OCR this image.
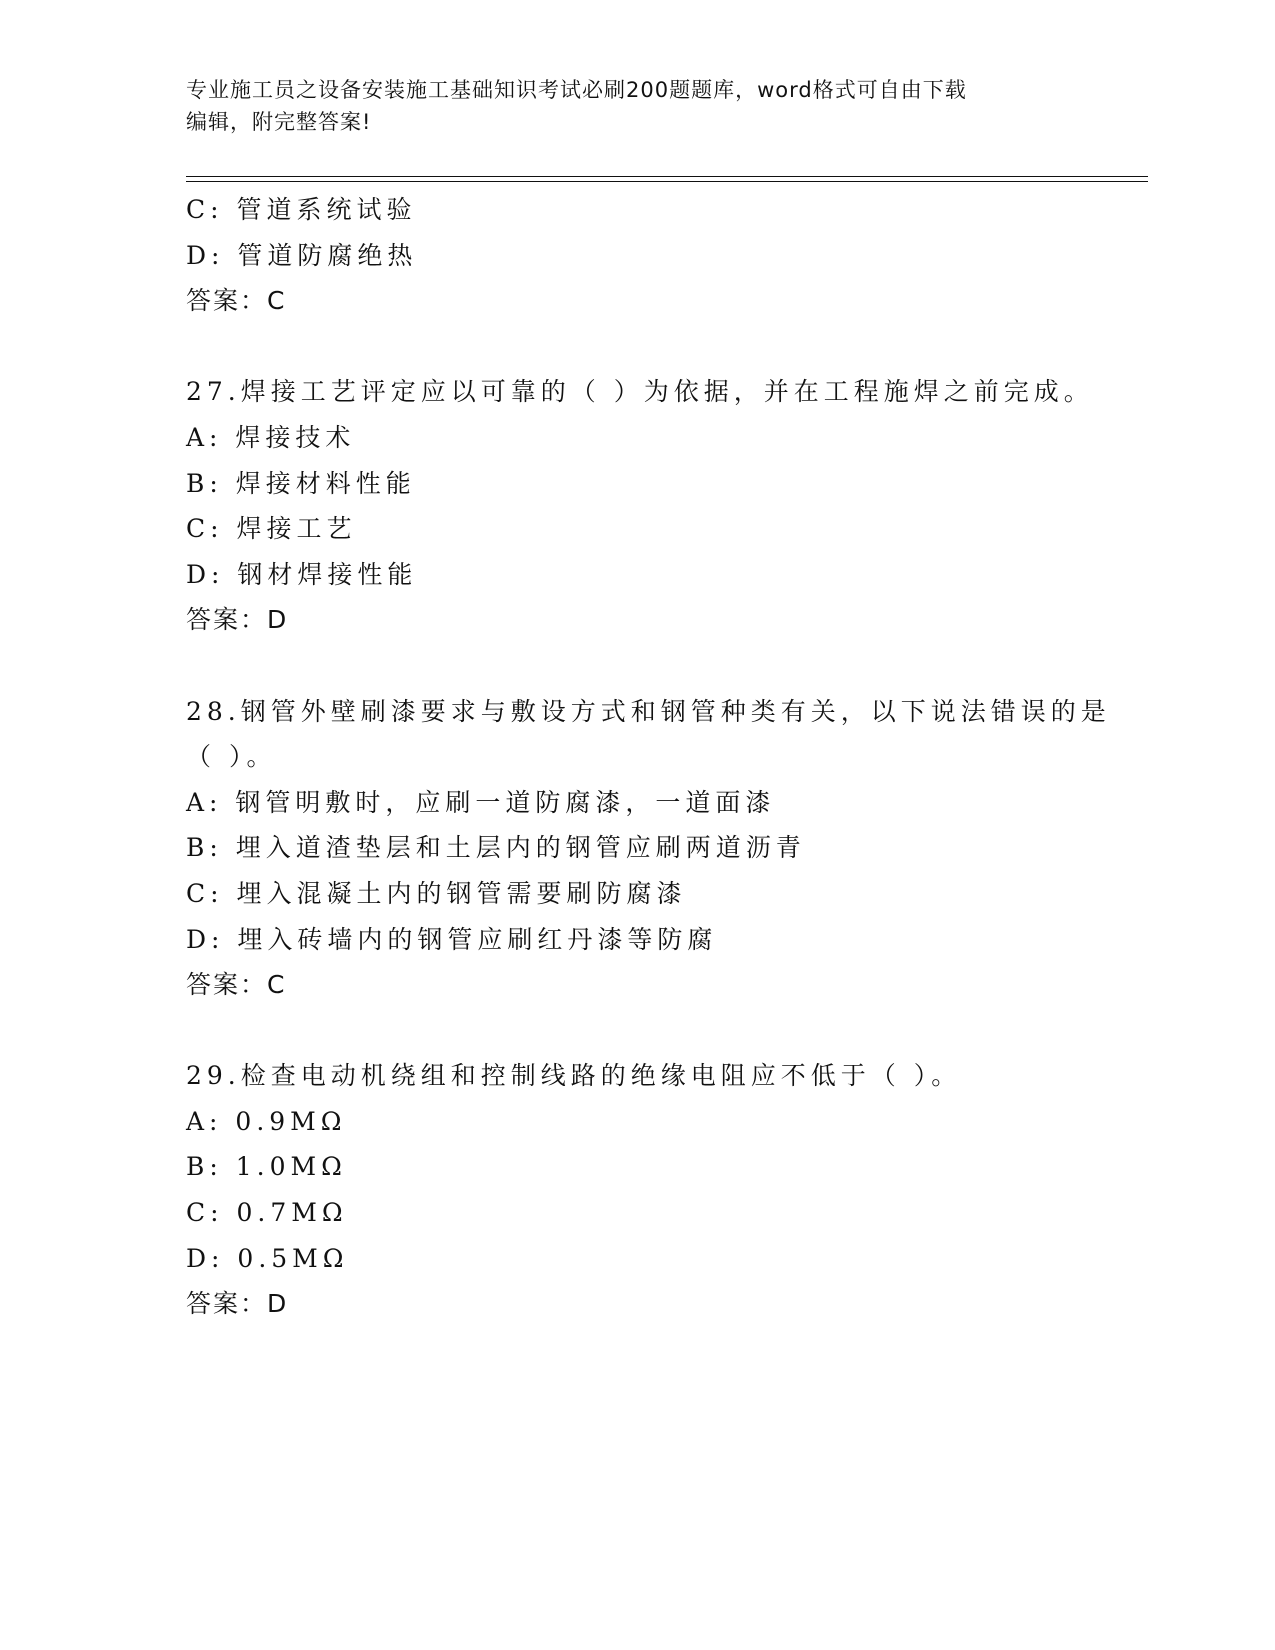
专业施工员之设备安装施工基础知识考试必刷200题题库，word格式可自由下载
编辑，附完整答案!
C: 管道系统试验
D: 管道防腐绝热
答案：C
27.焊接工艺评定应以可靠的（ ）为依据，并在工程施焊之前完成。
A: 焊接技术
B: 焊接材料性能
C: 焊接工艺
D: 钢材焊接性能
答案：D
28.钢管外壁刷漆要求与敷设方式和钢管种类有关，以下说法错误的是
（ ）。
A: 钢管明敷时，应刷一道防腐漆，一道面漆
B: 埋入道渣垫层和土层内的钢管应刷两道沥青
C: 埋入混凝土内的钢管需要刷防腐漆
D: 埋入砖墙内的钢管应刷红丹漆等防腐
答案：C
29.检查电动机绕组和控制线路的绝缘电阻应不低于（ ）。
A: 0.9MΩ
B: 1.0MΩ
C: 0.7MΩ
D: 0.5MΩ
答案：D
